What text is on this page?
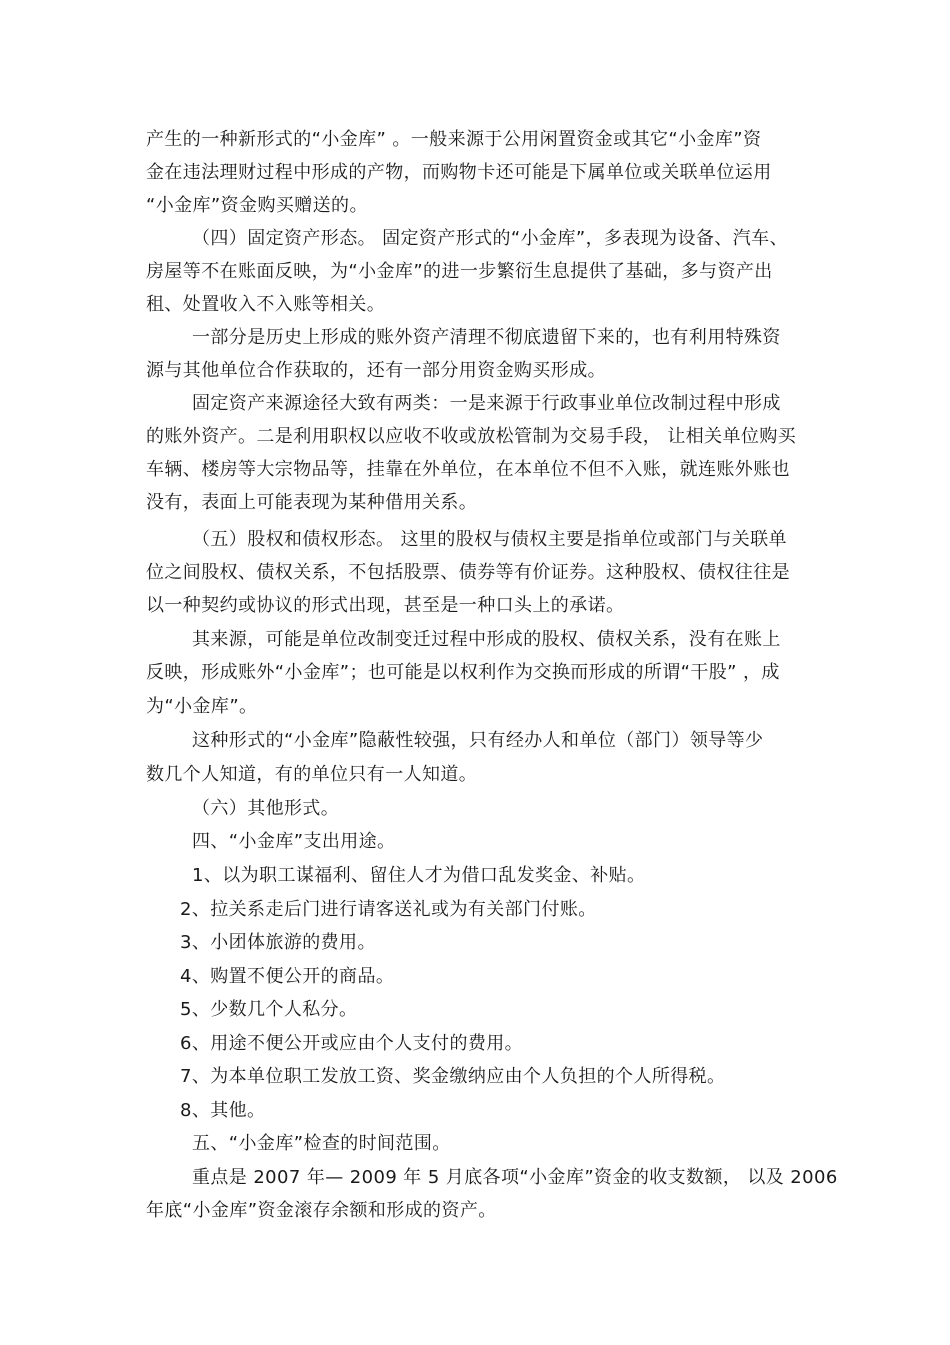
产生的一种新形式的“小金库” 。一般来源于公用闲置资金或其它“小金库”资
金在违法理财过程中形成的产物，而购物卡还可能是下属单位或关联单位运用
“小金库”资金购买赠送的。
（四）固定资产形态。 固定资产形式的“小金库”，多表现为设备、汽车、
房屋等不在账面反映，为“小金库”的进一步繁衍生息提供了基础，多与资产出
租、处置收入不入账等相关。
一部分是历史上形成的账外资产清理不彻底遗留下来的，也有利用特殊资
源与其他单位合作获取的，还有一部分用资金购买形成。
固定资产来源途径大致有两类：一是来源于行政事业单位改制过程中形成
的账外资产。二是利用职权以应收不收或放松管制为交易手段， 让相关单位购买
车辆、楼房等大宗物品等，挂靠在外单位，在本单位不但不入账，就连账外账也
没有，表面上可能表现为某种借用关系。
（五）股权和债权形态。 这里的股权与债权主要是指单位或部门与关联单
位之间股权、债权关系，不包括股票、债券等有价证券。这种股权、债权往往是
以一种契约或协议的形式出现，甚至是一种口头上的承诺。
其来源，可能是单位改制变迁过程中形成的股权、债权关系，没有在账上
反映，形成账外“小金库”；也可能是以权利作为交换而形成的所谓“干股” ，成
为“小金库”。
这种形式的“小金库”隐蔽性较强，只有经办人和单位（部门）领导等少
数几个人知道，有的单位只有一人知道。
（六）其他形式。
四、“小金库”支出用途。
1、以为职工谋福利、留住人才为借口乱发奖金、补贴。
2、拉关系走后门进行请客送礼或为有关部门付账。
3、小团体旅游的费用。
4、购置不便公开的商品。
5、少数几个人私分。
6、用途不便公开或应由个人支付的费用。
7、为本单位职工发放工资、奖金缴纳应由个人负担的个人所得税。
8、其他。
五、“小金库”检查的时间范围。
重点是 2007 年— 2009 年 5 月底各项“小金库”资金的收支数额， 以及 2006
年底“小金库”资金滚存余额和形成的资产。
